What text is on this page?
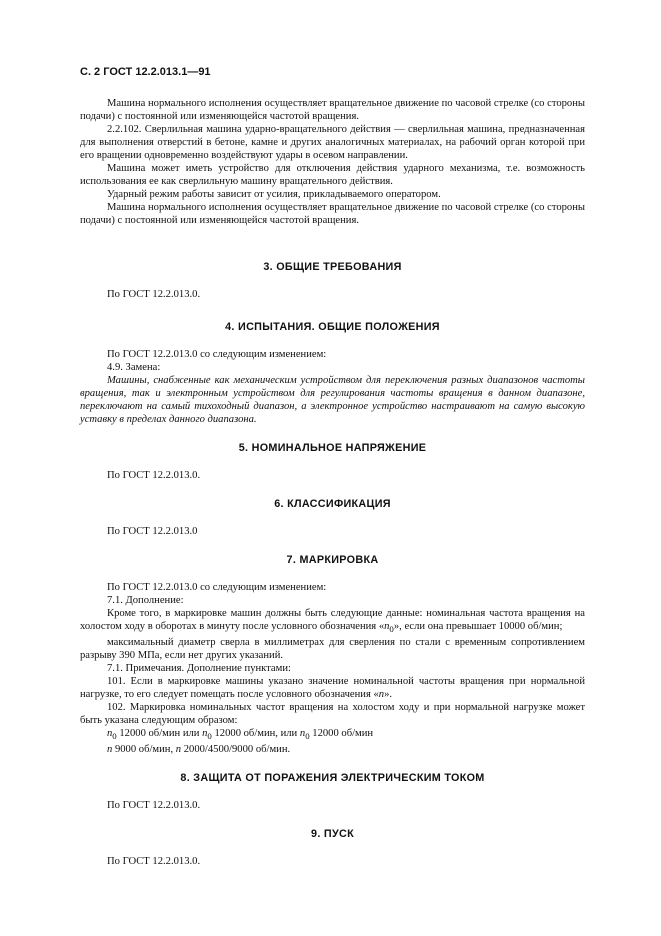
С. 2 ГОСТ 12.2.013.1—91

Машина нормального исполнения осуществляет вращательное движение по часовой стрелке (со стороны подачи) с постоянной или изменяющейся частотой вращения.

2.2.102. Сверлильная машина ударно-вращательного действия — сверлильная машина, предназначенная для выполнения отверстий в бетоне, камне и других аналогичных материалах, на рабочий орган которой при его вращении одновременно воздействуют удары в осевом направлении.

Машина может иметь устройство для отключения действия ударного механизма, т.е. возможность использования ее как сверлильную машину вращательного действия.

Ударный режим работы зависит от усилия, прикладываемого оператором.

Машина нормального исполнения осуществляет вращательное движение по часовой стрелке (со стороны подачи) с постоянной или изменяющейся частотой вращения.

3. ОБЩИЕ ТРЕБОВАНИЯ

По ГОСТ 12.2.013.0.

4. ИСПЫТАНИЯ. ОБЩИЕ ПОЛОЖЕНИЯ

По ГОСТ 12.2.013.0 со следующим изменением:

4.9. Замена:

Машины, снабженные как механическим устройством для переключения разных диапазонов частоты вращения, так и электронным устройством для регулирования частоты вращения в данном диапазоне, переключают на самый тихоходный диапазон, а электронное устройство настраивают на самую высокую уставку в пределах данного диапазона.

5. НОМИНАЛЬНОЕ НАПРЯЖЕНИЕ

По ГОСТ 12.2.013.0.

6. КЛАССИФИКАЦИЯ

По ГОСТ 12.2.013.0

7. МАРКИРОВКА

По ГОСТ 12.2.013.0 со следующим изменением:

7.1. Дополнение:

Кроме того, в маркировке машин должны быть следующие данные: номинальная частота вращения на холостом ходу в оборотах в минуту после условного обозначения «$n_0$», если она превышает 10000 об/мин;

максимальный диаметр сверла в миллиметрах для сверления по стали с временным сопротивлением разрыву 390 МПа, если нет других указаний.

7.1. Примечания. Дополнение пунктами:

101. Если в маркировке машины указано значение номинальной частоты вращения при нормальной нагрузке, то его следует помещать после условного обозначения «n».

102. Маркировка номинальных частот вращения на холостом ходу и при нормальной нагрузке может быть указана следующим образом:

$n_0$ 12000 об/мин или $n_0$ 12000 об/мин, или $n_0$ 12000 об/мин

n 9000 об/мин, n 2000/4500/9000 об/мин.

8. ЗАЩИТА ОТ ПОРАЖЕНИЯ ЭЛЕКТРИЧЕСКИМ ТОКОМ

По ГОСТ 12.2.013.0.

9. ПУСК

По ГОСТ 12.2.013.0.
